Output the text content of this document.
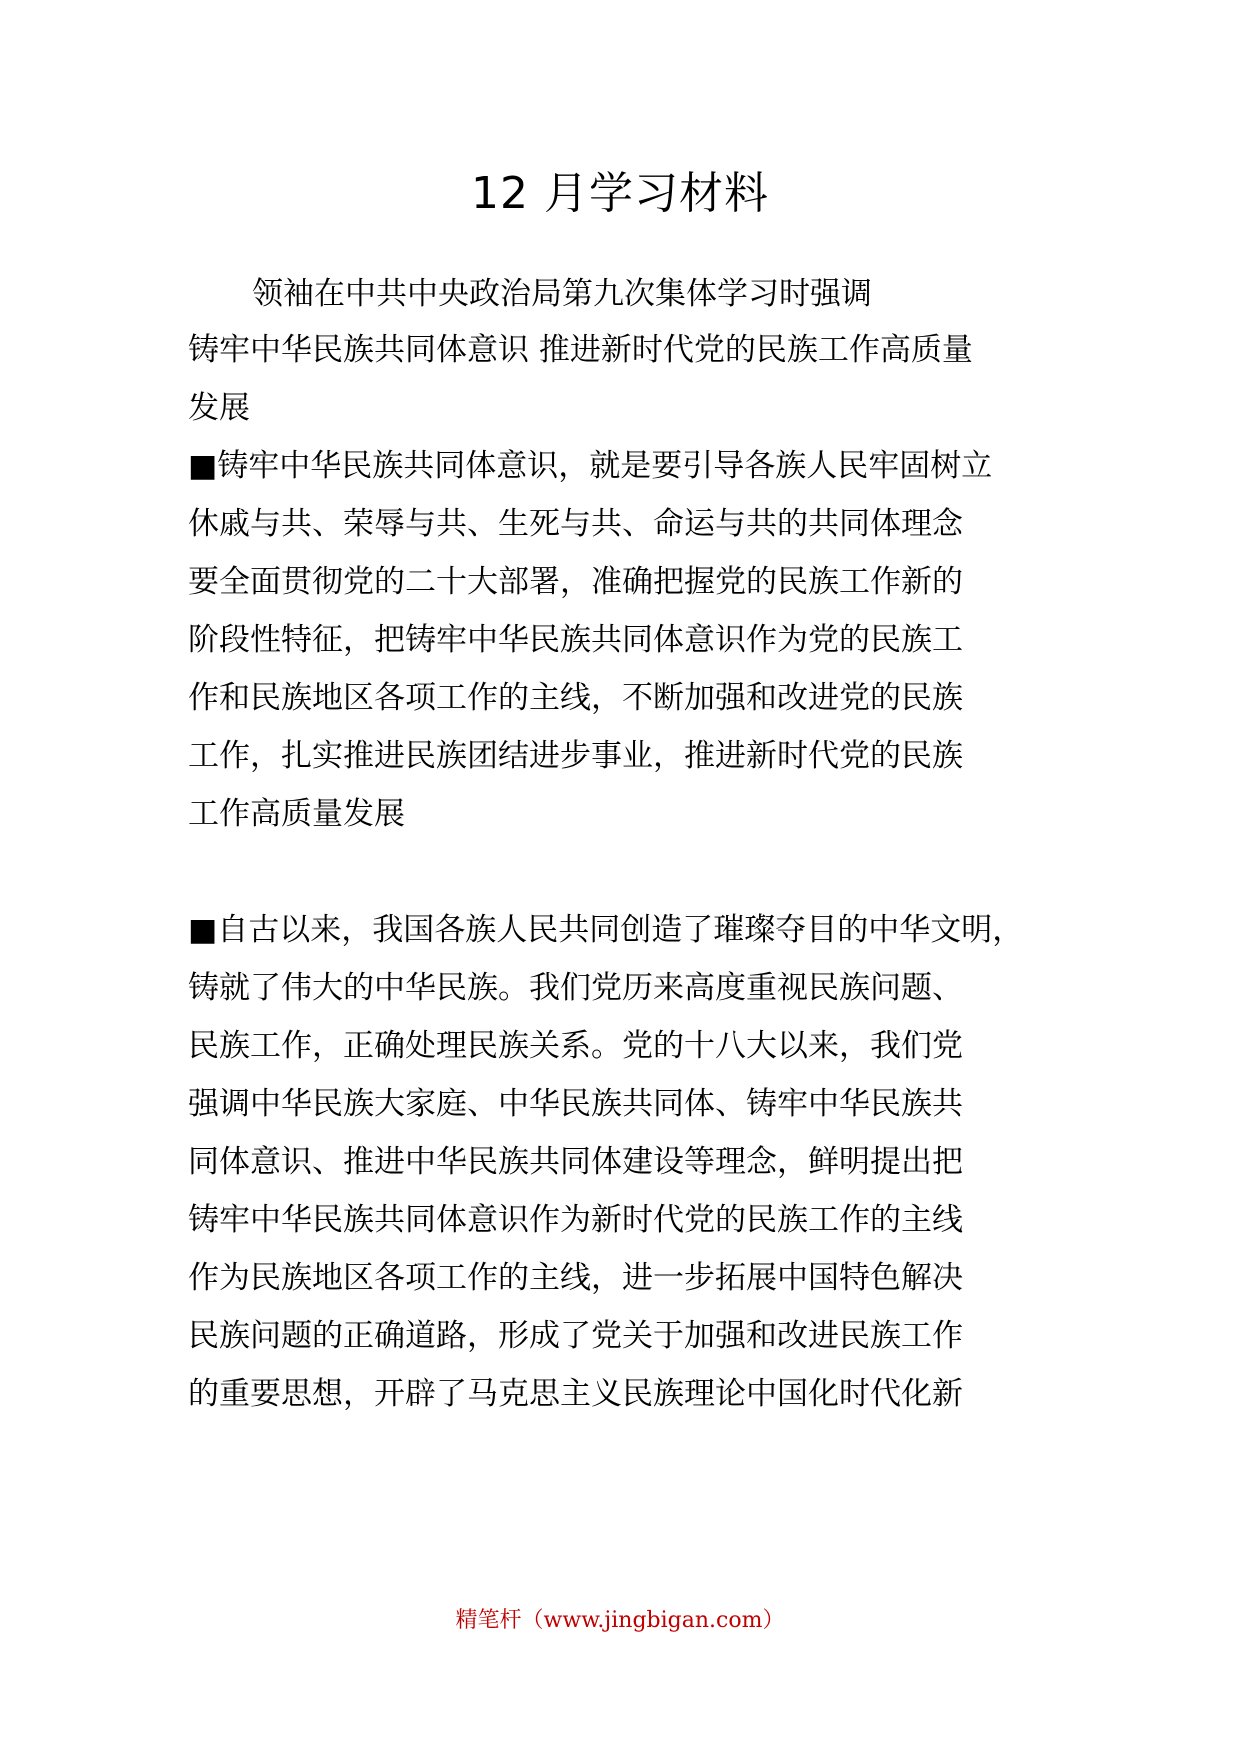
12 月学习材料
领袖在中共中央政治局第九次集体学习时强调
铸牢中华民族共同体意识 推进新时代党的民族工作高质量
发展
■铸牢中华民族共同体意识，就是要引导各族人民牢固树立
休戚与共、荣辱与共、生死与共、命运与共的共同体理念
要全面贯彻党的二十大部署，准确把握党的民族工作新的
阶段性特征，把铸牢中华民族共同体意识作为党的民族工
作和民族地区各项工作的主线，不断加强和改进党的民族
工作，扎实推进民族团结进步事业，推进新时代党的民族
工作高质量发展
■自古以来，我国各族人民共同创造了璀璨夺目的中华文明，
铸就了伟大的中华民族。我们党历来高度重视民族问题、
民族工作，正确处理民族关系。党的十八大以来，我们党
强调中华民族大家庭、中华民族共同体、铸牢中华民族共
同体意识、推进中华民族共同体建设等理念，鲜明提出把
铸牢中华民族共同体意识作为新时代党的民族工作的主线
作为民族地区各项工作的主线，进一步拓展中国特色解决
民族问题的正确道路，形成了党关于加强和改进民族工作
的重要思想，开辟了马克思主义民族理论中国化时代化新
精笔杆（www.jingbigan.com）
